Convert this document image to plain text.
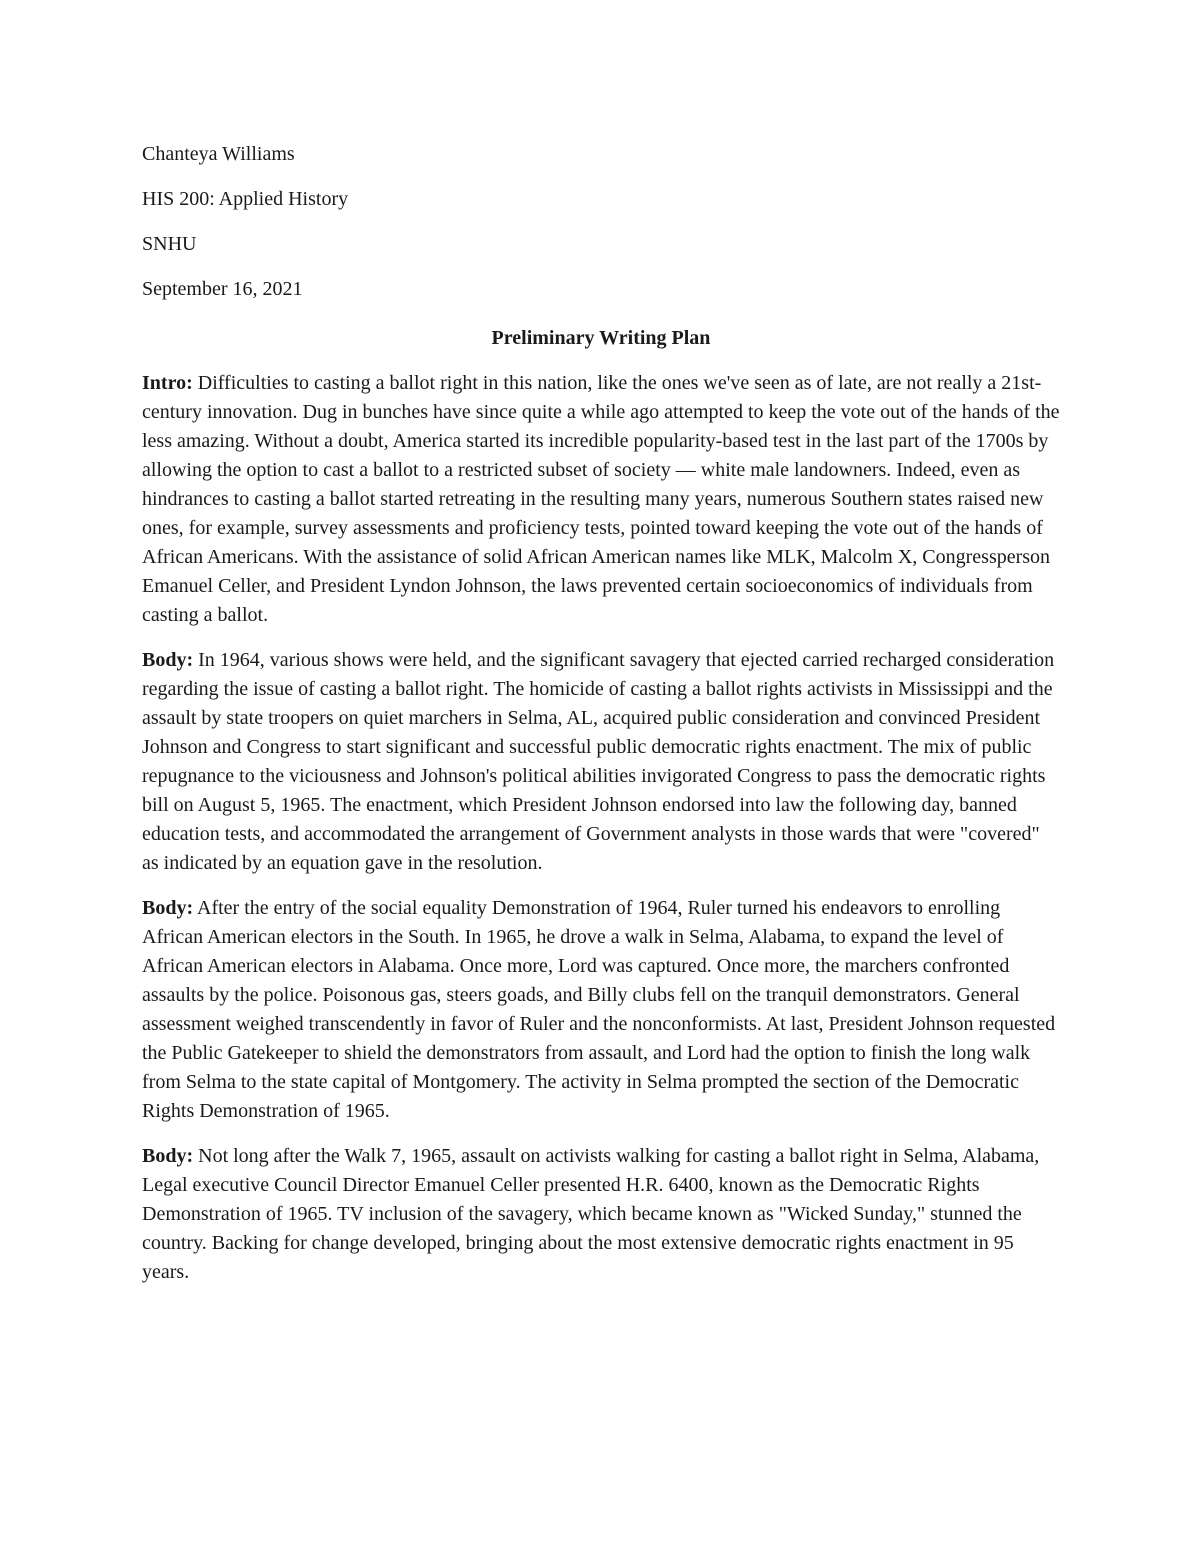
Chanteya Williams
HIS 200: Applied History
SNHU
September 16, 2021
Preliminary Writing Plan

Intro: Difficulties to casting a ballot right in this nation, like the ones we've seen as of late, are not really a 21st-century innovation. Dug in bunches have since quite a while ago attempted to keep the vote out of the hands of the less amazing. Without a doubt, America started its incredible popularity-based test in the last part of the 1700s by allowing the option to cast a ballot to a restricted subset of society — white male landowners. Indeed, even as hindrances to casting a ballot started retreating in the resulting many years, numerous Southern states raised new ones, for example, survey assessments and proficiency tests, pointed toward keeping the vote out of the hands of African Americans. With the assistance of solid African American names like MLK, Malcolm X, Congressperson Emanuel Celler, and President Lyndon Johnson, the laws prevented certain socioeconomics of individuals from casting a ballot.

Body: In 1964, various shows were held, and the significant savagery that ejected carried recharged consideration regarding the issue of casting a ballot right. The homicide of casting a ballot rights activists in Mississippi and the assault by state troopers on quiet marchers in Selma, AL, acquired public consideration and convinced President Johnson and Congress to start significant and successful public democratic rights enactment. The mix of public repugnance to the viciousness and Johnson's political abilities invigorated Congress to pass the democratic rights bill on August 5, 1965. The enactment, which President Johnson endorsed into law the following day, banned education tests, and accommodated the arrangement of Government analysts in those wards that were "covered" as indicated by an equation gave in the resolution.

Body: After the entry of the social equality Demonstration of 1964, Ruler turned his endeavors to enrolling African American electors in the South. In 1965, he drove a walk in Selma, Alabama, to expand the level of African American electors in Alabama. Once more, Lord was captured. Once more, the marchers confronted assaults by the police. Poisonous gas, steers goads, and Billy clubs fell on the tranquil demonstrators. General assessment weighed transcendently in favor of Ruler and the nonconformists. At last, President Johnson requested the Public Gatekeeper to shield the demonstrators from assault, and Lord had the option to finish the long walk from Selma to the state capital of Montgomery. The activity in Selma prompted the section of the Democratic Rights Demonstration of 1965.

Body: Not long after the Walk 7, 1965, assault on activists walking for casting a ballot right in Selma, Alabama, Legal executive Council Director Emanuel Celler presented H.R. 6400, known as the Democratic Rights Demonstration of 1965. TV inclusion of the savagery, which became known as "Wicked Sunday," stunned the country. Backing for change developed, bringing about the most extensive democratic rights enactment in 95 years.
